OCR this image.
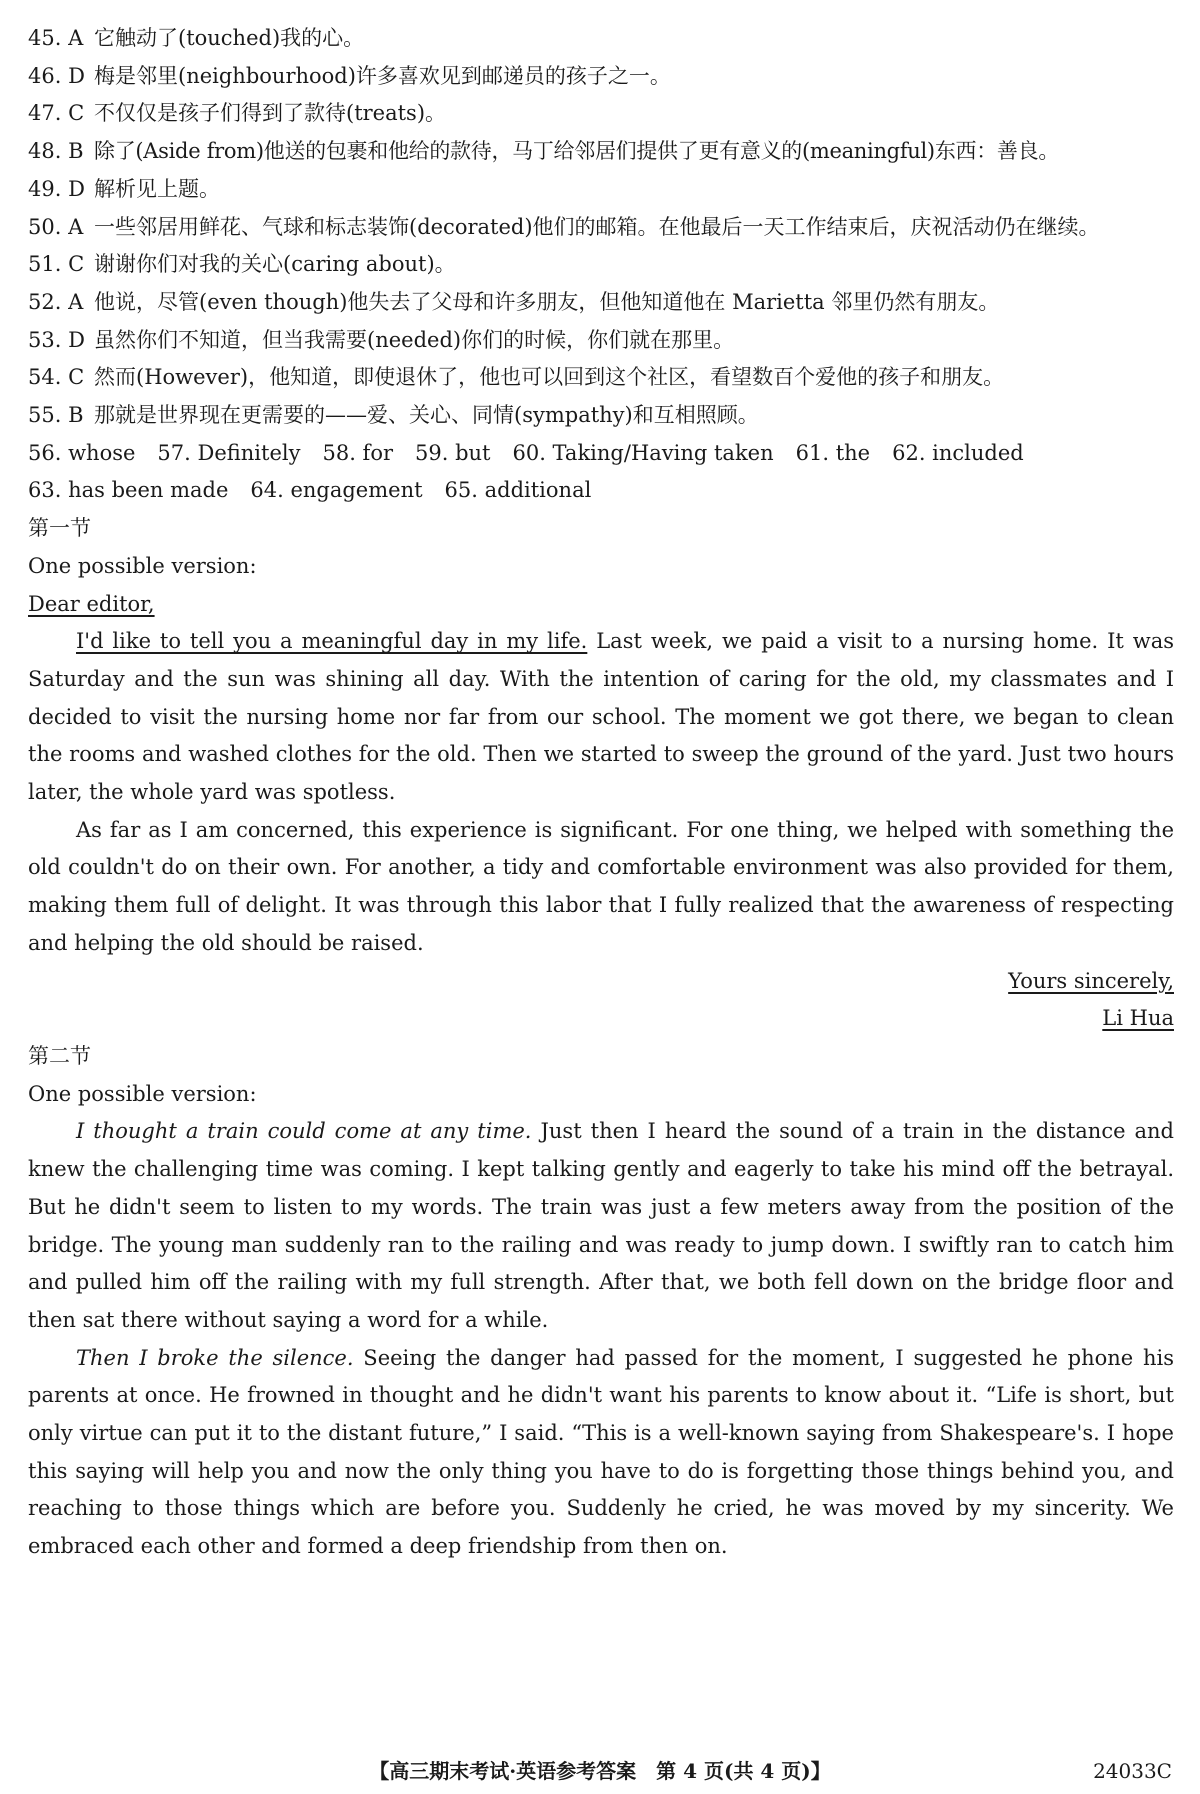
45. A 它触动了(touched)我的心。
46. D 梅是邻里(neighbourhood)许多喜欢见到邮递员的孩子之一。
47. C 不仅仅是孩子们得到了款待(treats)。
48. B 除了(Aside from)他送的包裹和他给的款待，马丁给邻居们提供了更有意义的(meaningful)东西：善良。
49. D 解析见上题。
50. A 一些邻居用鲜花、气球和标志装饰(decorated)他们的邮箱。在他最后一天工作结束后，庆祝活动仍在继续。
51. C 谢谢你们对我的关心(caring about)。
52. A 他说，尽管(even though)他失去了父母和许多朋友，但他知道他在 Marietta 邻里仍然有朋友。
53. D 虽然你们不知道，但当我需要(needed)你们的时候，你们就在那里。
54. C 然而(However)，他知道，即使退休了，他也可以回到这个社区，看望数百个爱他的孩子和朋友。
55. B 那就是世界现在更需要的——爱、关心、同情(sympathy)和互相照顾。
56. whose 57. Definitely 58. for 59. but 60. Taking/Having taken 61. the 62. included
63. has been made 64. engagement 65. additional
第一节
One possible version:
Dear editor,

I'd like to tell you a meaningful day in my life. Last week, we paid a visit to a nursing home. It was Saturday and the sun was shining all day. With the intention of caring for the old, my classmates and I decided to visit the nursing home nor far from our school. The moment we got there, we began to clean the rooms and washed clothes for the old. Then we started to sweep the ground of the yard. Just two hours later, the whole yard was spotless.

As far as I am concerned, this experience is significant. For one thing, we helped with something the old couldn't do on their own. For another, a tidy and comfortable environment was also provided for them, making them full of delight. It was through this labor that I fully realized that the awareness of respecting and helping the old should be raised.

Yours sincerely,
Li Hua
第二节
One possible version:

I thought a train could come at any time. Just then I heard the sound of a train in the distance and knew the challenging time was coming. I kept talking gently and eagerly to take his mind off the betrayal. But he didn't seem to listen to my words. The train was just a few meters away from the position of the bridge. The young man suddenly ran to the railing and was ready to jump down. I swiftly ran to catch him and pulled him off the railing with my full strength. After that, we both fell down on the bridge floor and then sat there without saying a word for a while.

Then I broke the silence. Seeing the danger had passed for the moment, I suggested he phone his parents at once. He frowned in thought and he didn't want his parents to know about it. “Life is short, but only virtue can put it to the distant future,” I said. “This is a well-known saying from Shakespeare's. I hope this saying will help you and now the only thing you have to do is forgetting those things behind you, and reaching to those things which are before you. Suddenly he cried, he was moved by my sincerity. We embraced each other and formed a deep friendship from then on.

【高三期末考试·英语参考答案　第 4 页(共 4 页)】	24033C
